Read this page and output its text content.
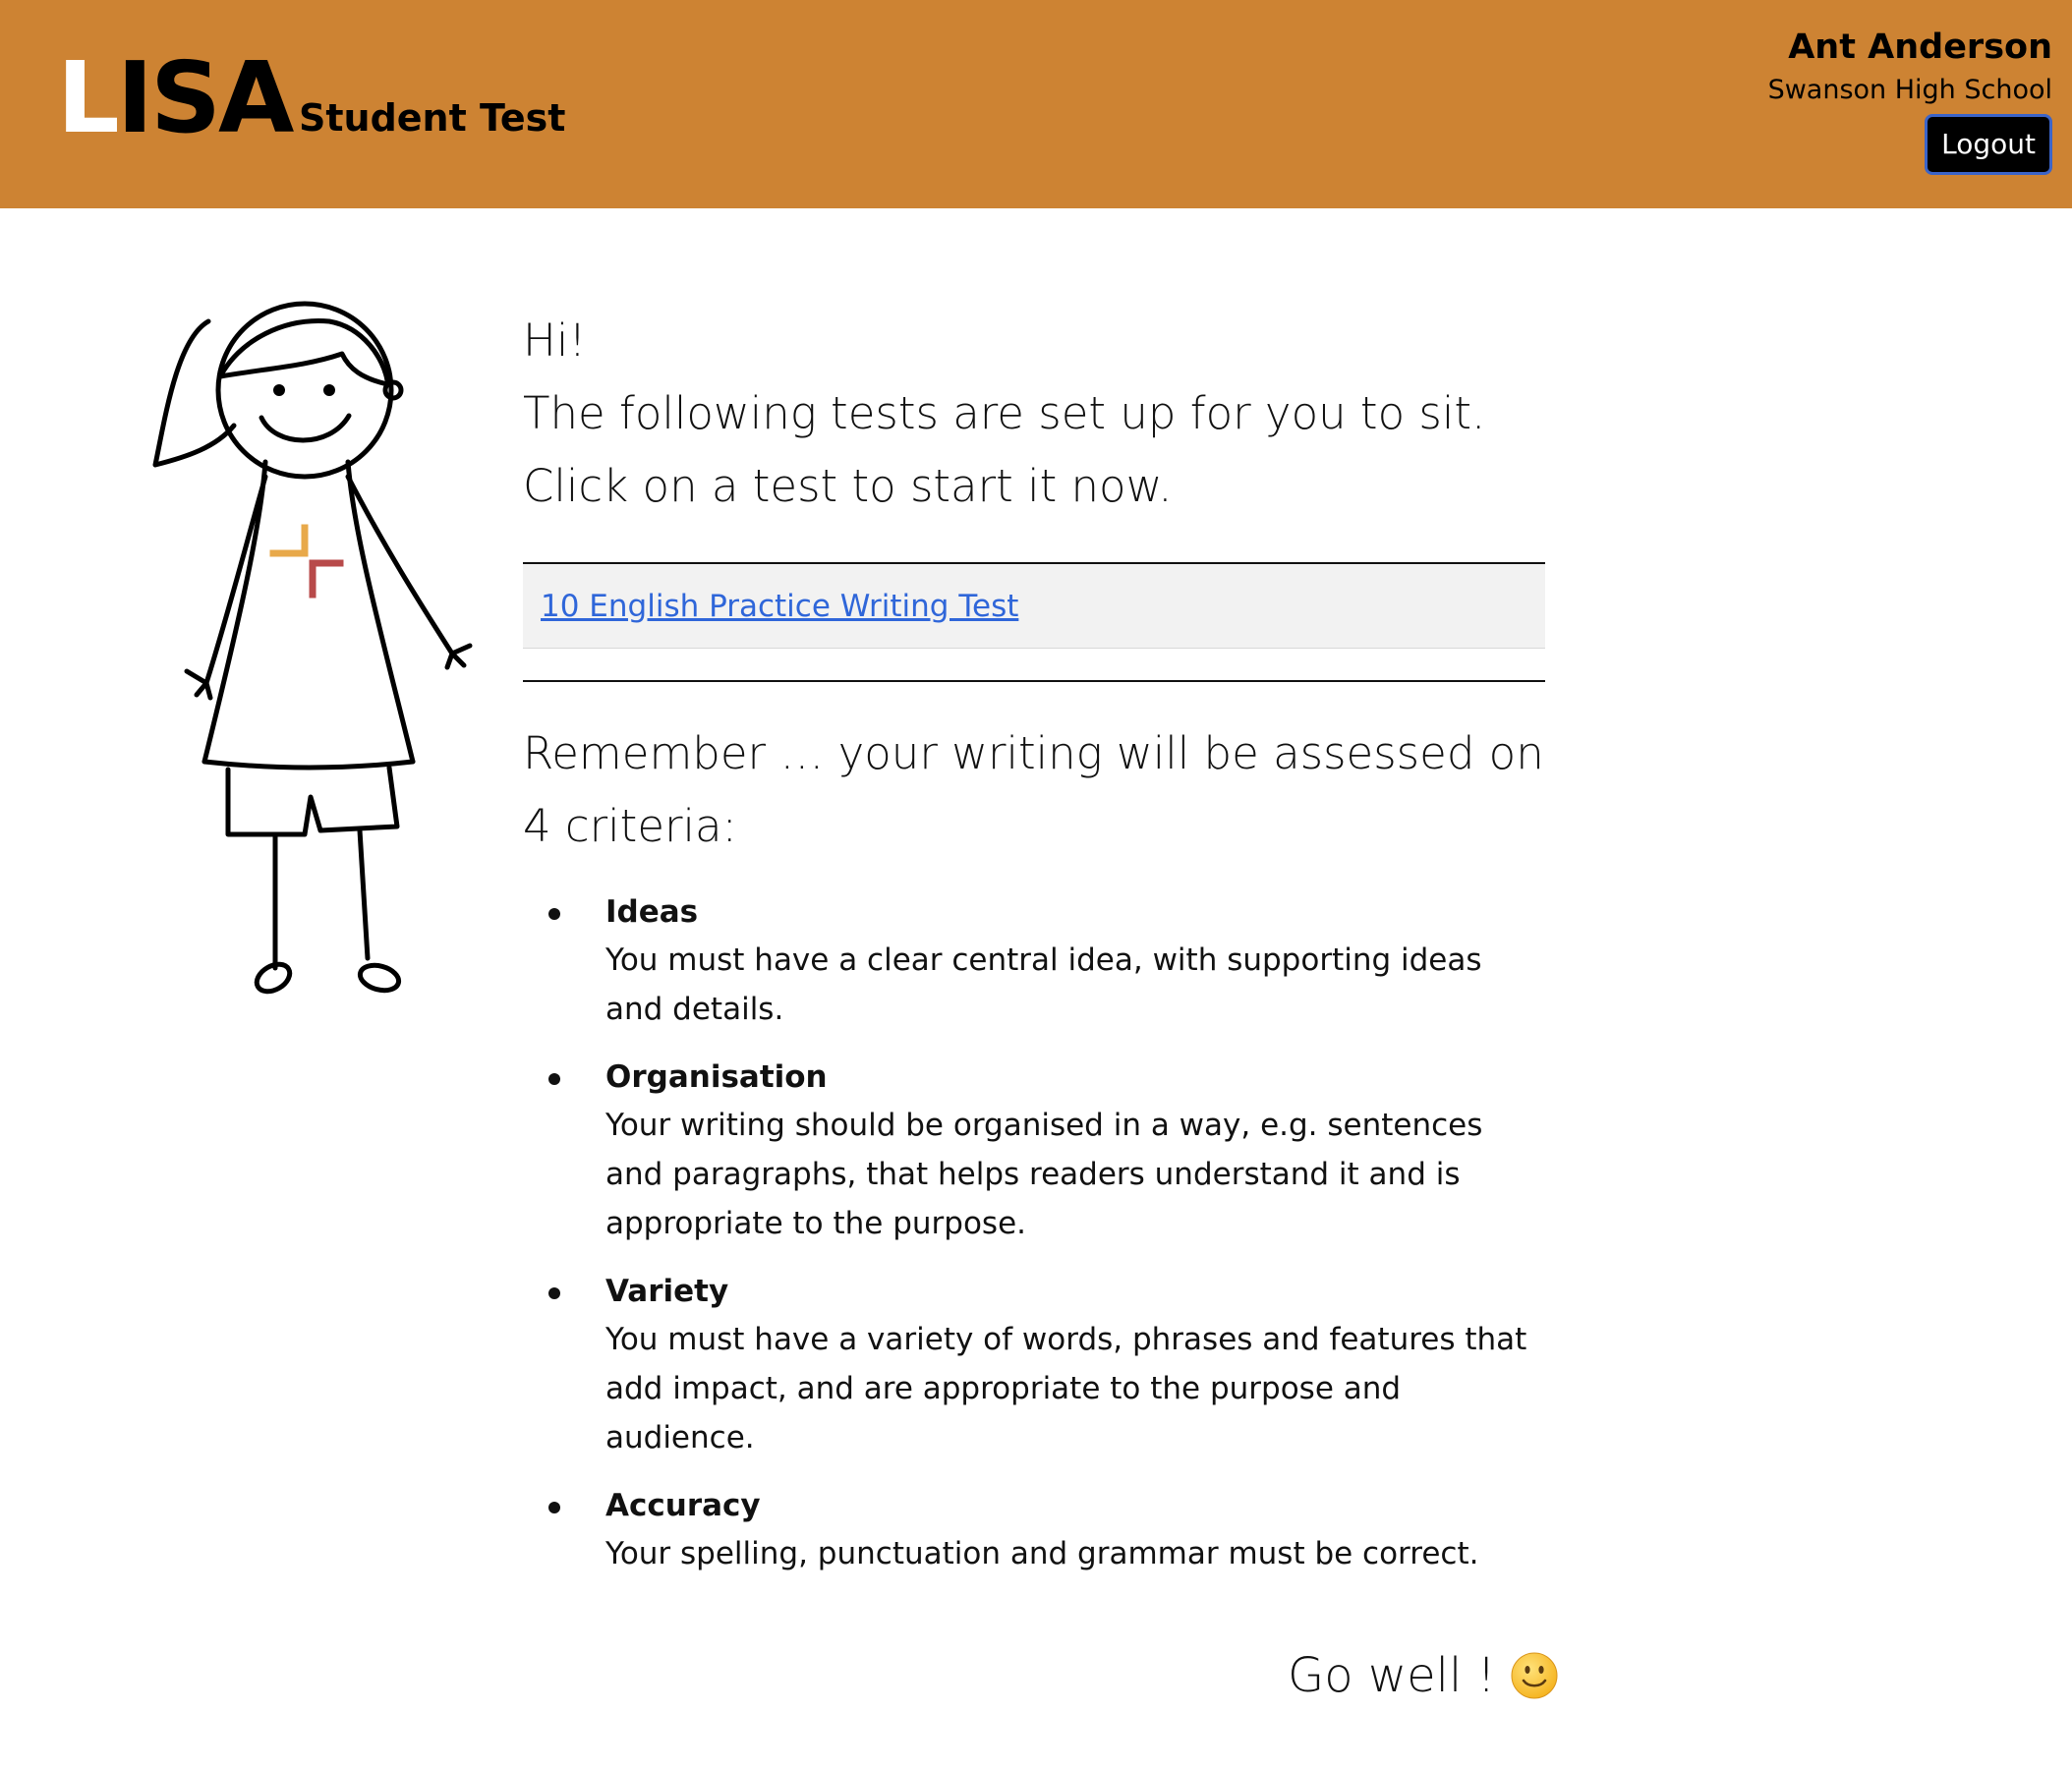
LISA Student Test
Ant Anderson
Swanson High School
Logout

Hi!

The following tests are set up for you to sit.

Click on a test to start it now.

10 English Practice Writing Test
Remember … your writing will be assessed on 4 criteria:
Ideas
You must have a clear central idea, with supporting ideas and details.
Organisation
Your writing should be organised in a way, e.g. sentences and paragraphs, that helps readers understand it and is appropriate to the purpose.
Variety
You must have a variety of words, phrases and features that add impact, and are appropriate to the purpose and audience.
Accuracy
Your spelling, punctuation and grammar must be correct.
Go well !
